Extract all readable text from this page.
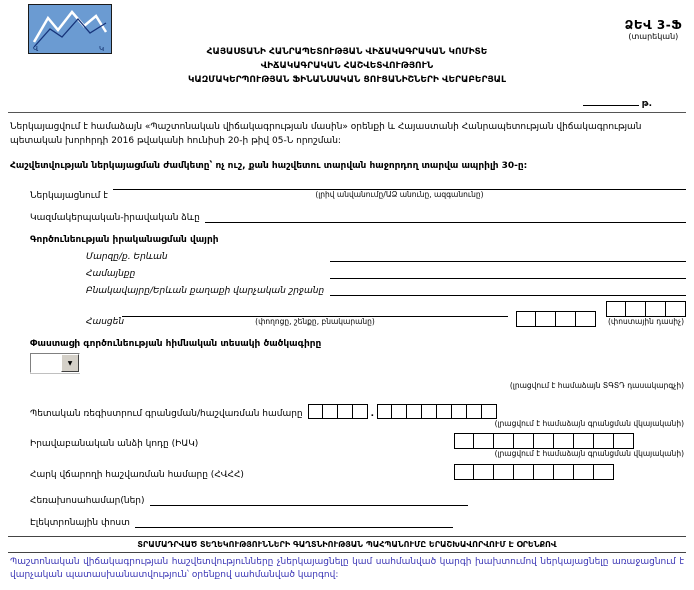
Վ	Կ
ՁԵՎ 3-Ֆ
(տարեկան)
ՀԱՅԱՍՏԱՆԻ ՀԱՆՐԱՊԵՏՈՒԹՅԱՆ ՎԻՃԱԿԱԳՐԱԿԱՆ ԿՈՄԻՏԵ
ՎԻՃԱԿԱԳՐԱԿԱՆ ՀԱՇՎԵՏՎՈՒԹՅՈՒՆ
ԿԱԶՄԱԿԵՐՊՈՒԹՅԱՆ ՖԻՆԱՆՍԱԿԱՆ ՑՈՒՑԱՆԻՇՆԵՐԻ ՎԵՐԱԲԵՐՅԱԼ
թ.

Ներկայացվում է համաձայն «Պաշտոնական վիճակագրության մասին» օրենքի և Հայաստանի Հանրապետության վիճակագրության պետական խորհրդի 2016 թվականի հունիսի 20-ի թիվ 05-Ն որոշման:

Հաշվետվության ներկայացման ժամկետը՝ ոչ ուշ, քան հաշվետու տարվան հաջորդող տարվա ապրիլի 30-ը:

Ներկայացնում է	(լրիվ անվանումը/ԱՁ անունը, ազգանունը)
Կազմակերպական-իրավական ձևը
Գործունեության իրականացման վայրի
Մարզը/ք. Երևան
Համայնքը
Բնակավայրը/Երևան քաղաքի վարչական շրջանը
Հասցեն	(փողոցը, շենքը, բնակարանը)	(փոստային դասիչ)
Փաստացի գործունեության հիմնական տեսակի ծածկագիրը
▼
(լրացվում է համաձայն ՏԳՏԴ դասակարգչի)
Պետական ռեգիստրում գրանցման/հաշվառման համարը	.
(լրացվում է համաձայն գրանցման վկայականի)
Իրավաբանական անձի կոդը (ԻԱԿ)
(լրացվում է համաձայն գրանցման վկայականի)
Հարկ վճարողի հաշվառման համարը (ՀՎՀՀ)
Հեռախոսահամար(ներ)
Էլեկտրոնային փոստ
ՏՐԱՄԱԴՐՎԱԾ ՏԵՂԵԿՈՒԹՅՈՒՆՆԵՐԻ ԳԱՂՏՆԻՈՒԹՅԱՆ ՊԱՀՊԱՆՈՒՄԸ ԵՐԱՇԽԱՎՈՐՎՈՒՄ Է ՕՐԵՆՔՈՎ

Պաշտոնական վիճակագրության հաշվետվությունները չներկայացնելը կամ սահմանված կարգի խախտումով ներկայացնելը առաջացնում է վարչական պատասխանատվություն՝ օրենքով սահմանված կարգով:
